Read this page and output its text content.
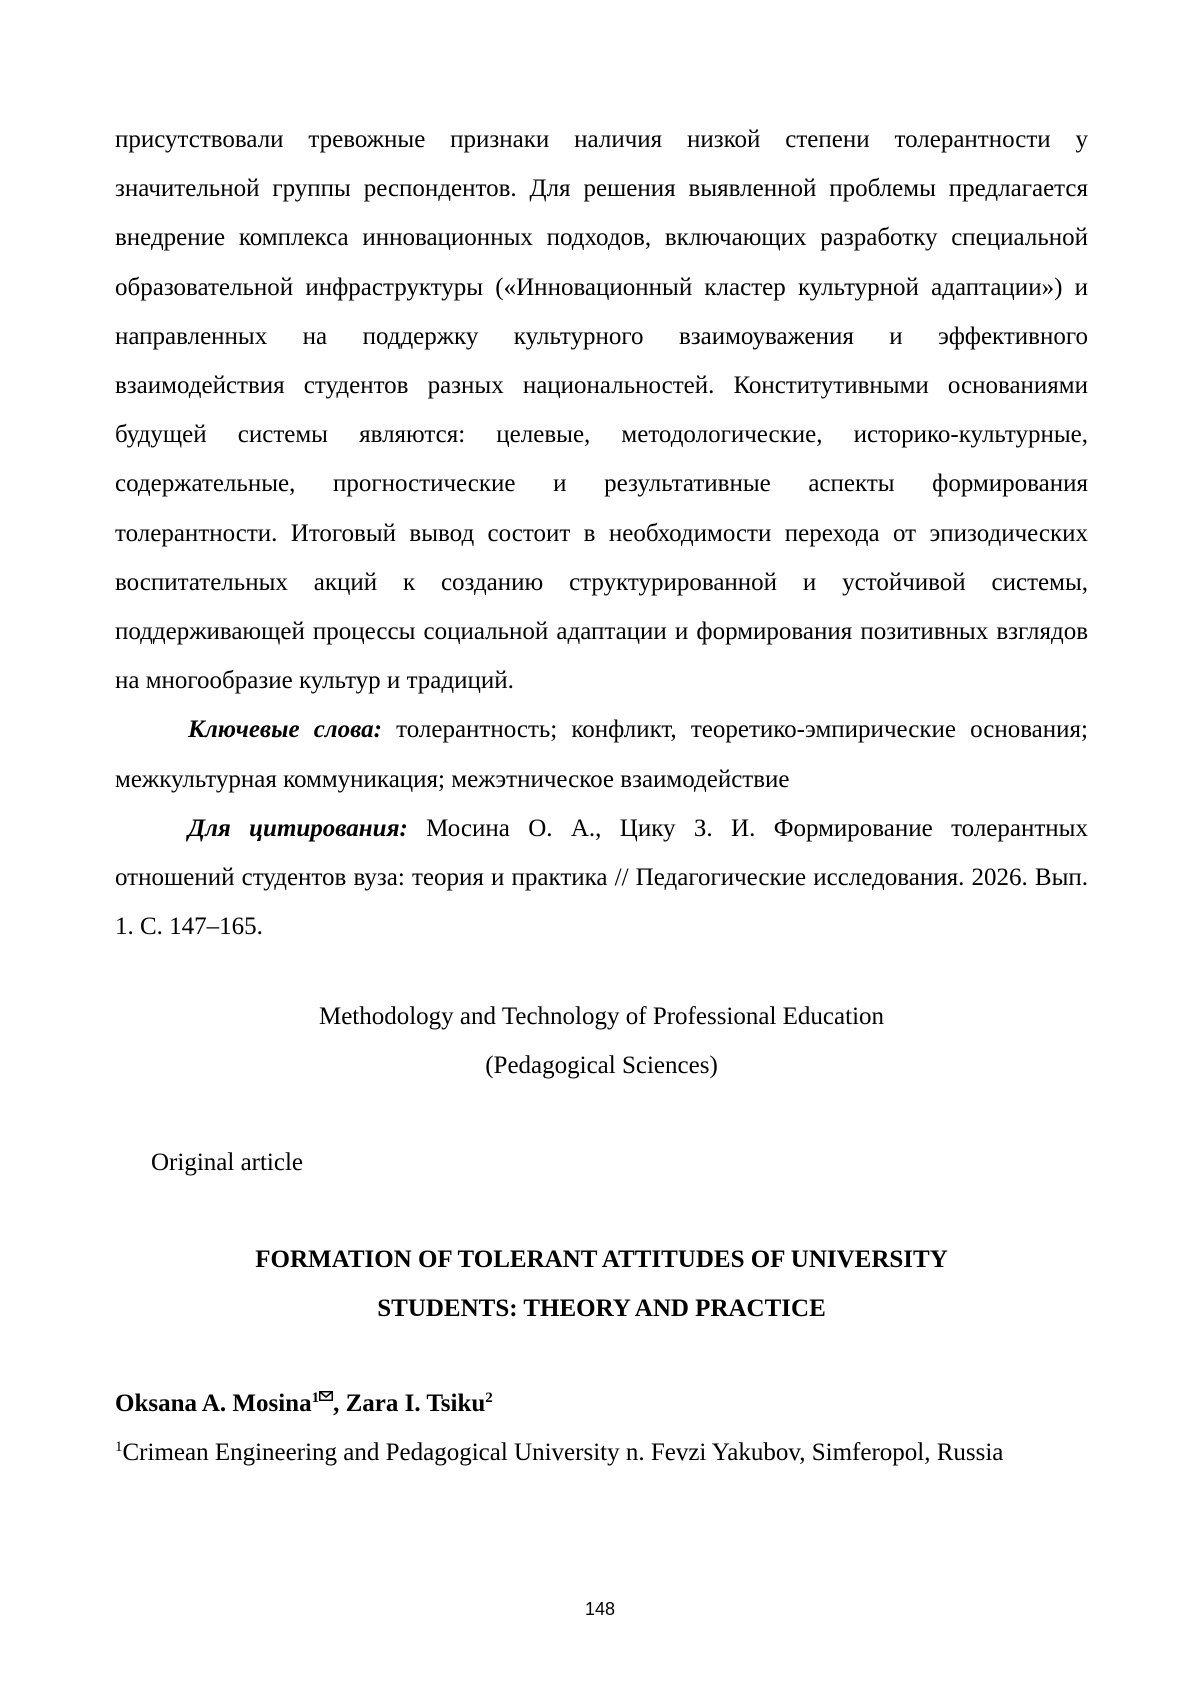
присутствовали тревожные признаки наличия низкой степени толерантности у значительной группы респондентов. Для решения выявленной проблемы предлагается внедрение комплекса инновационных подходов, включающих разработку специальной образовательной инфраструктуры («Инновационный кластер культурной адаптации») и направленных на поддержку культурного взаимоуважения и эффективного взаимодействия студентов разных национальностей. Конститутивными основаниями будущей системы являются: целевые, методологические, историко-культурные, содержательные, прогностические и результативные аспекты формирования толерантности. Итоговый вывод состоит в необходимости перехода от эпизодических воспитательных акций к созданию структурированной и устойчивой системы, поддерживающей процессы социальной адаптации и формирования позитивных взглядов на многообразие культур и традиций.

Ключевые слова: толерантность; конфликт, теоретико-эмпирические основания; межкультурная коммуникация; межэтническое взаимодействие

Для цитирования: Мосина О. А., Цику З. И. Формирование толерантных отношений студентов вуза: теория и практика // Педагогические исследования. 2026. Вып. 1. С. 147–165.

Methodology and Technology of Professional Education

(Pedagogical Sciences)

Original article

FORMATION OF TOLERANT ATTITUDES OF UNIVERSITY
STUDENTS: THEORY AND PRACTICE
Oksana A. Mosina$^1$ , Zara I. Tsiku$^2$

$^1$Crimean Engineering and Pedagogical University n. Fevzi Yakubov, Simferopol, Russia

148
